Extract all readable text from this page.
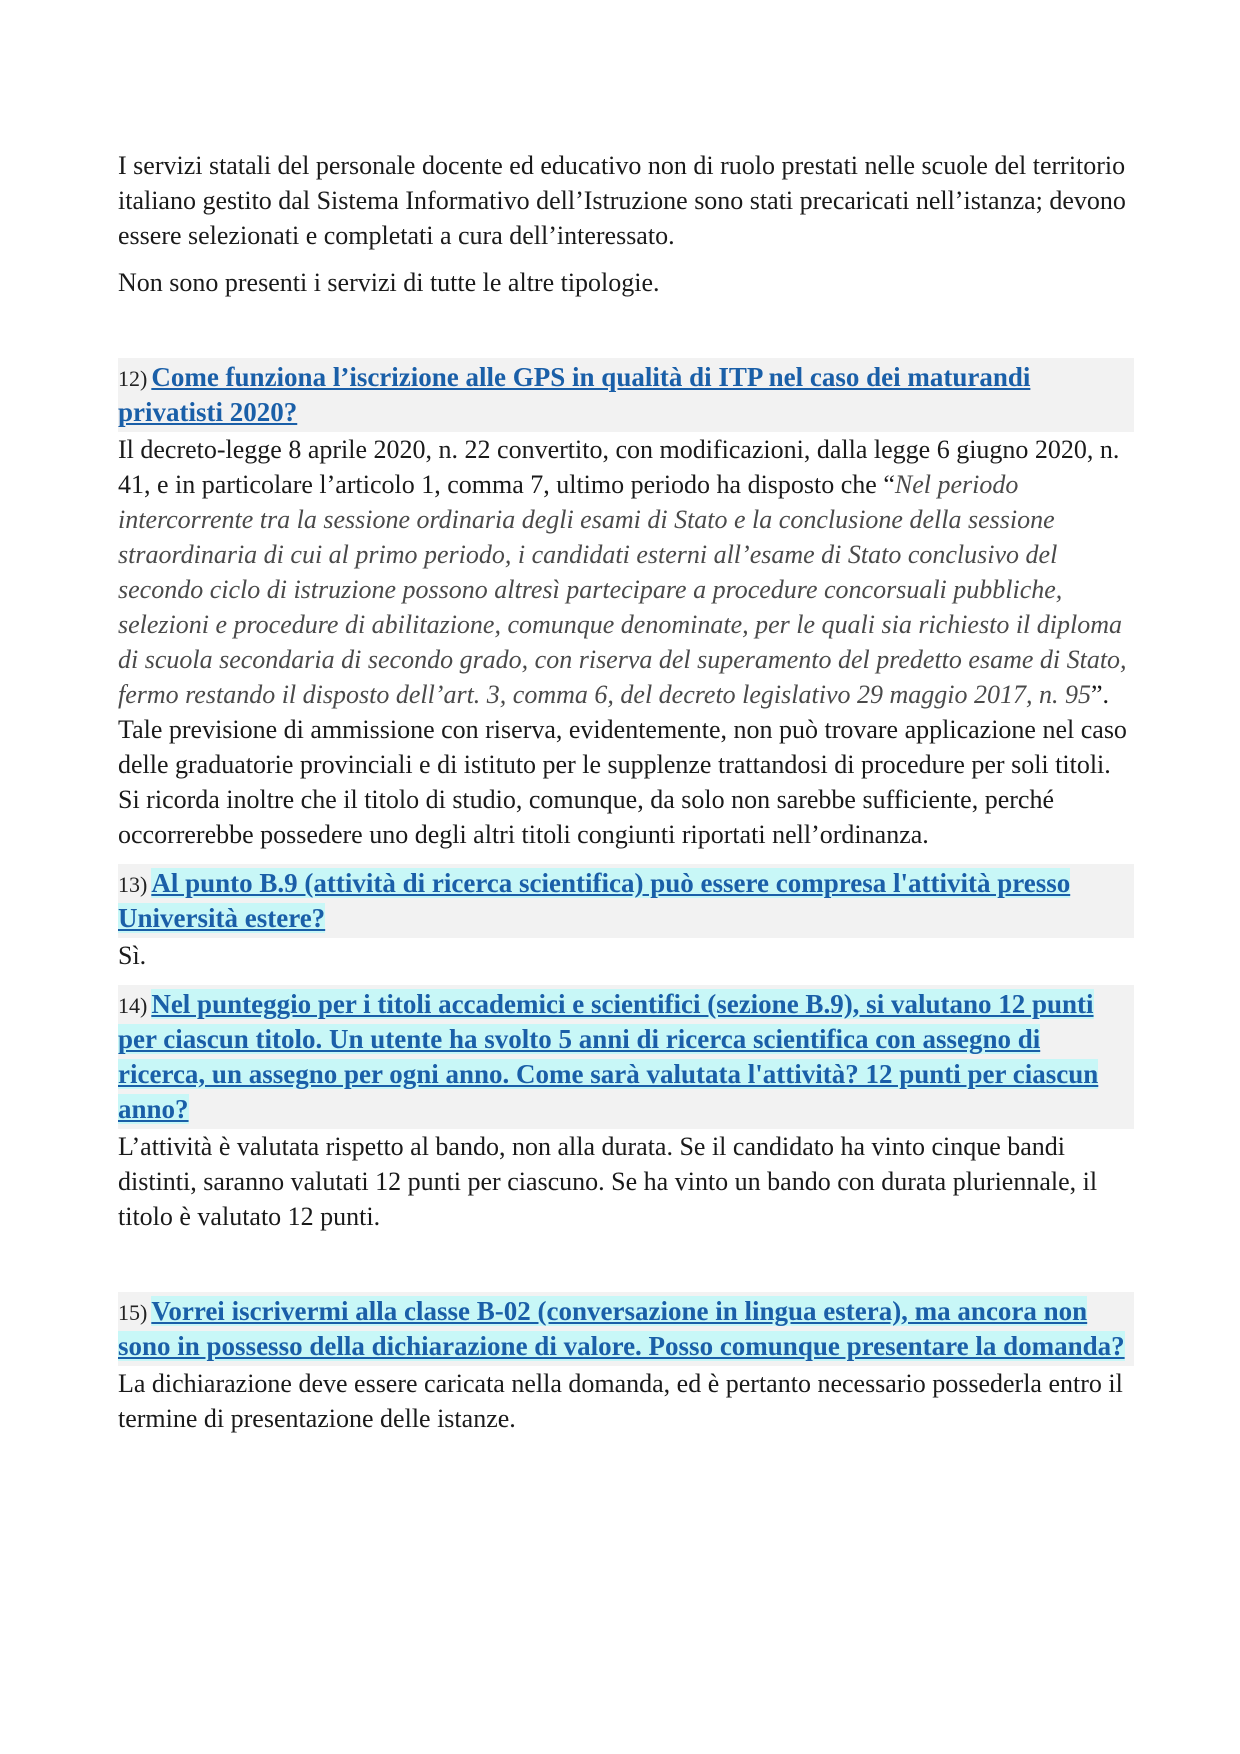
I servizi statali del personale docente ed educativo non di ruolo prestati nelle scuole del territorio italiano gestito dal Sistema Informativo dell’Istruzione sono stati precaricati nell’istanza; devono essere selezionati e completati a cura dell’interessato.

Non sono presenti i servizi di tutte le altre tipologie.

12) Come funziona l’iscrizione alle GPS in qualità di ITP nel caso dei maturandi privatisti 2020?

Il decreto-legge 8 aprile 2020, n. 22 convertito, con modificazioni, dalla legge 6 giugno 2020, n. 41, e in particolare l’articolo 1, comma 7, ultimo periodo ha disposto che “Nel periodo intercorrente tra la sessione ordinaria degli esami di Stato e la conclusione della sessione straordinaria di cui al primo periodo, i candidati esterni all’esame di Stato conclusivo del secondo ciclo di istruzione possono altresì partecipare a procedure concorsuali pubbliche, selezioni e procedure di abilitazione, comunque denominate, per le quali sia richiesto il diploma di scuola secondaria di secondo grado, con riserva del superamento del predetto esame di Stato, fermo restando il disposto dell’art. 3, comma 6, del decreto legislativo 29 maggio 2017, n. 95”. Tale previsione di ammissione con riserva, evidentemente, non può trovare applicazione nel caso delle graduatorie provinciali e di istituto per le supplenze trattandosi di procedure per soli titoli. Si ricorda inoltre che il titolo di studio, comunque, da solo non sarebbe sufficiente, perché occorrerebbe possedere uno degli altri titoli congiunti riportati nell’ordinanza.

13) Al punto B.9 (attività di ricerca scientifica) può essere compresa l'attività presso Università estere?

Sì.

14) Nel punteggio per i titoli accademici e scientifici (sezione B.9), si valutano 12 punti per ciascun titolo. Un utente ha svolto 5 anni di ricerca scientifica con assegno di ricerca, un assegno per ogni anno. Come sarà valutata l'attività? 12 punti per ciascun anno?

L’attività è valutata rispetto al bando, non alla durata. Se il candidato ha vinto cinque bandi distinti, saranno valutati 12 punti per ciascuno. Se ha vinto un bando con durata pluriennale, il titolo è valutato 12 punti.

15) Vorrei iscrivermi alla classe B-02 (conversazione in lingua estera), ma ancora non sono in possesso della dichiarazione di valore. Posso comunque presentare la domanda?

La dichiarazione deve essere caricata nella domanda, ed è pertanto necessario possederla entro il termine di presentazione delle istanze.
